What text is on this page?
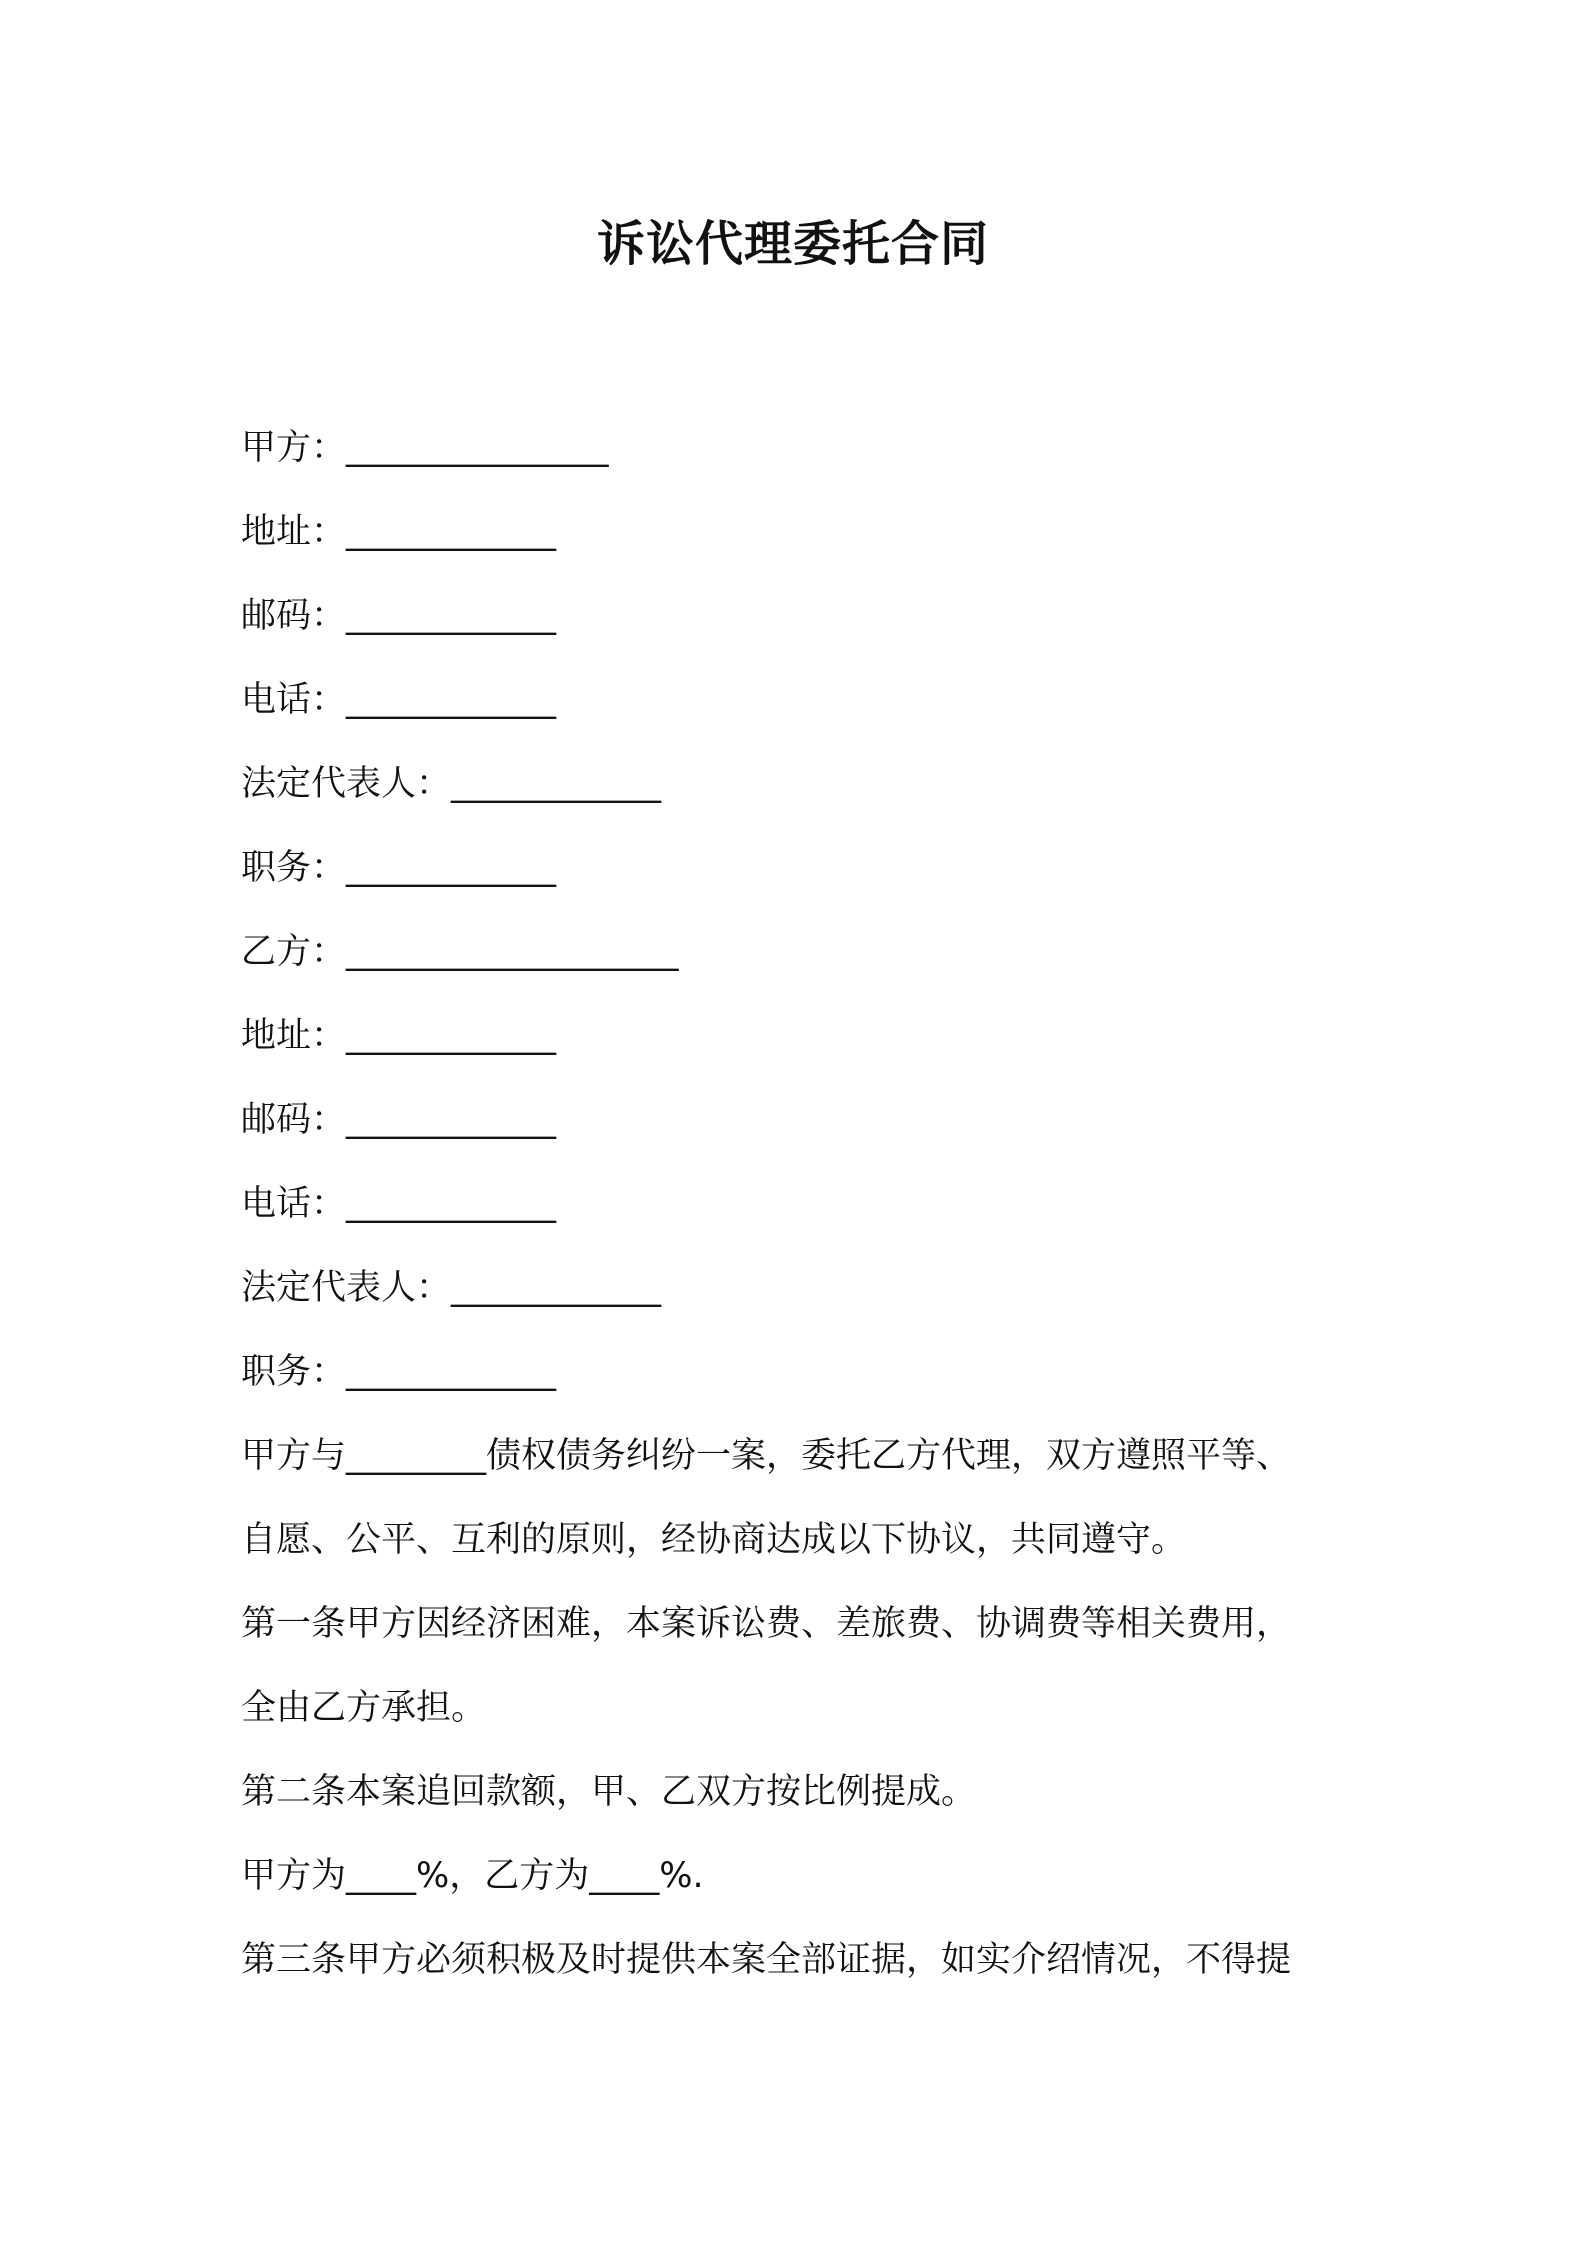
诉讼代理委托合同
甲方：_______________
地址：____________
邮码：____________
电话：____________
法定代表人：____________
职务：____________
乙方：___________________
地址：____________
邮码：____________
电话：____________
法定代表人：____________
职务：____________
甲方与________债权债务纠纷一案，委托乙方代理，双方遵照平等、
自愿、公平、互利的原则，经协商达成以下协议，共同遵守。
第一条甲方因经济困难，本案诉讼费、差旅费、协调费等相关费用，
全由乙方承担。
第二条本案追回款额，甲、乙双方按比例提成。
甲方为____%，乙方为____%.
第三条甲方必须积极及时提供本案全部证据，如实介绍情况，不得提
